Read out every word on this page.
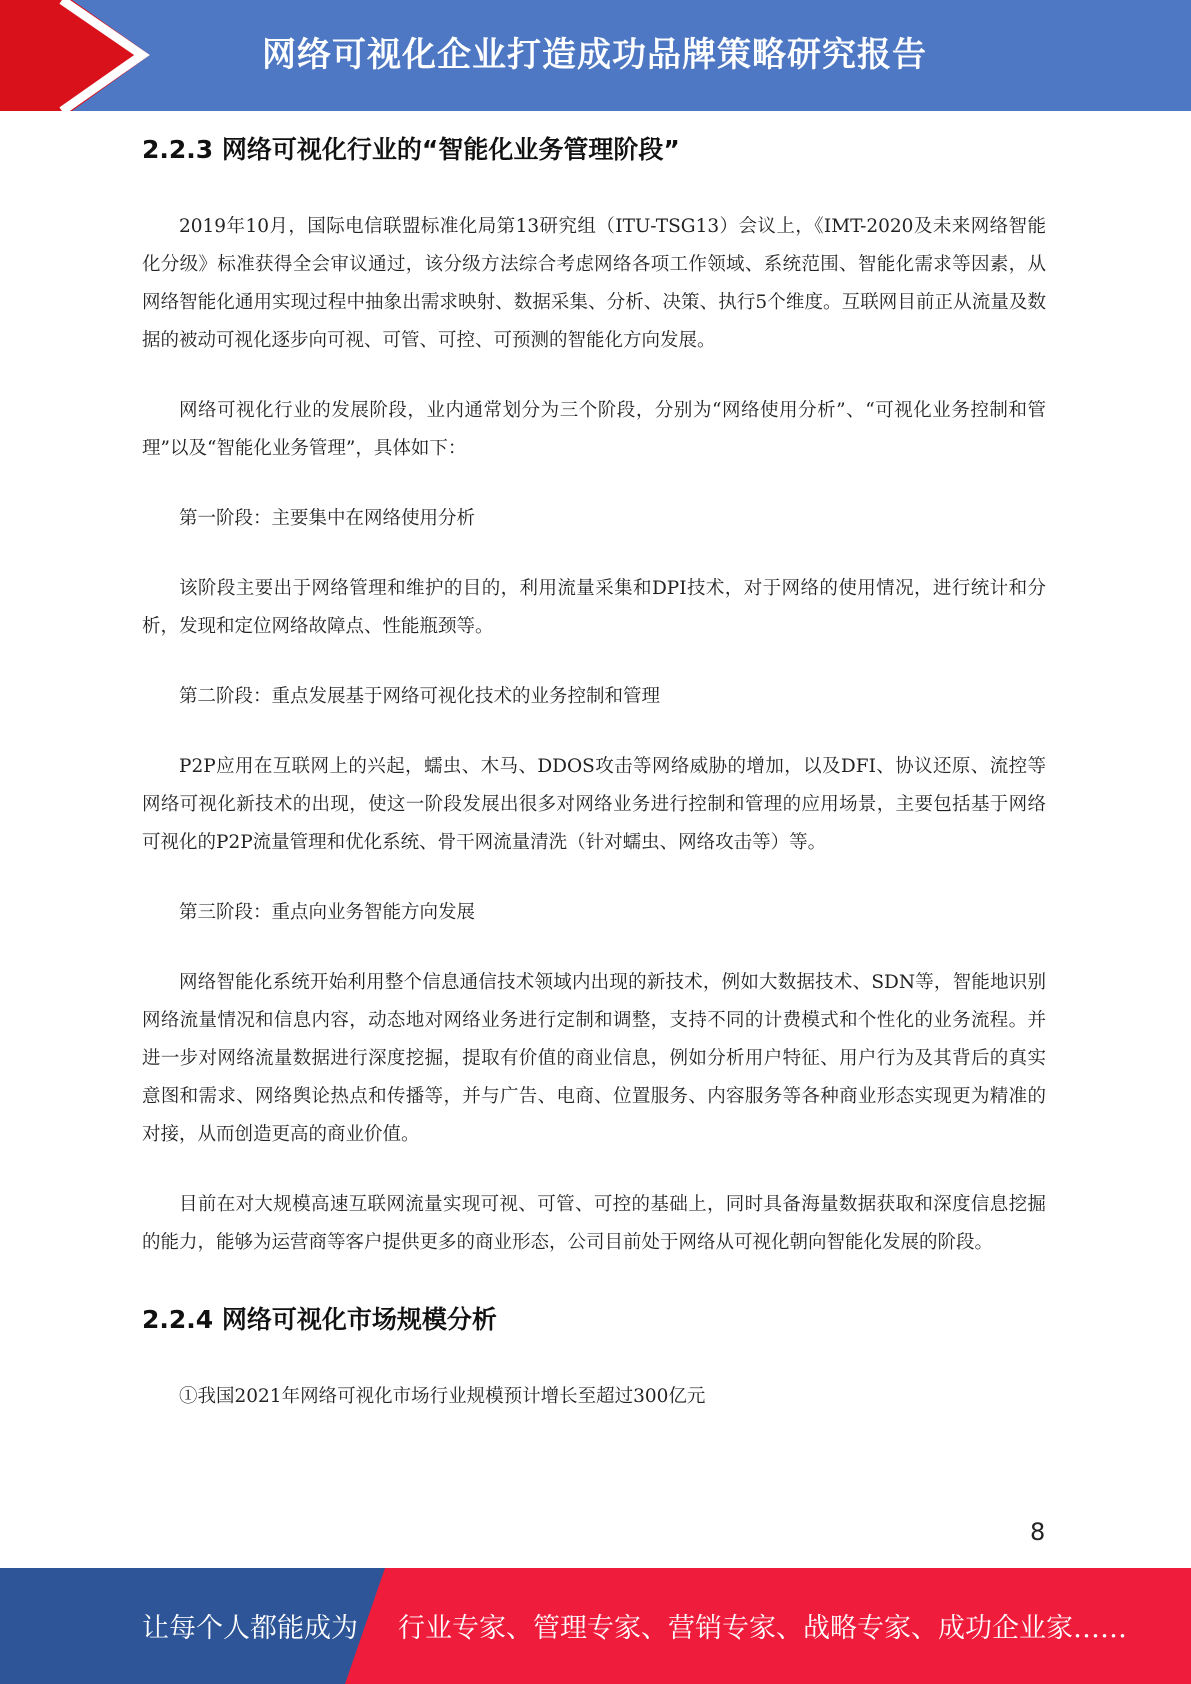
网络可视化企业打造成功品牌策略研究报告
2.2.3 网络可视化行业的“智能化业务管理阶段”

2019年10月，国际电信联盟标准化局第13研究组（ITU-TSG13）会议上，《IMT-2020及未来网络智能化分级》标准获得全会审议通过，该分级方法综合考虑网络各项工作领域、系统范围、智能化需求等因素，从网络智能化通用实现过程中抽象出需求映射、数据采集、分析、决策、执行5个维度。互联网目前正从流量及数据的被动可视化逐步向可视、可管、可控、可预测的智能化方向发展。

网络可视化行业的发展阶段，业内通常划分为三个阶段，分别为“网络使用分析”、“可视化业务控制和管理”以及“智能化业务管理”，具体如下：

第一阶段：主要集中在网络使用分析

该阶段主要出于网络管理和维护的目的，利用流量采集和DPI技术，对于网络的使用情况，进行统计和分析，发现和定位网络故障点、性能瓶颈等。

第二阶段：重点发展基于网络可视化技术的业务控制和管理

P2P应用在互联网上的兴起，蠕虫、木马、DDOS攻击等网络威胁的增加，以及DFI、协议还原、流控等网络可视化新技术的出现，使这一阶段发展出很多对网络业务进行控制和管理的应用场景，主要包括基于网络可视化的P2P流量管理和优化系统、骨干网流量清洗（针对蠕虫、网络攻击等）等。

第三阶段：重点向业务智能方向发展

网络智能化系统开始利用整个信息通信技术领域内出现的新技术，例如大数据技术、SDN等，智能地识别网络流量情况和信息内容，动态地对网络业务进行定制和调整，支持不同的计费模式和个性化的业务流程。并进一步对网络流量数据进行深度挖掘，提取有价值的商业信息，例如分析用户特征、用户行为及其背后的真实意图和需求、网络舆论热点和传播等，并与广告、电商、位置服务、内容服务等各种商业形态实现更为精准的对接，从而创造更高的商业价值。

目前在对大规模高速互联网流量实现可视、可管、可控的基础上，同时具备海量数据获取和深度信息挖掘的能力，能够为运营商等客户提供更多的商业形态，公司目前处于网络从可视化朝向智能化发展的阶段。

2.2.4 网络可视化市场规模分析

①我国2021年网络可视化市场行业规模预计增长至超过300亿元

8
让每个人都能成为 行业专家、管理专家、营销专家、战略专家、成功企业家……
